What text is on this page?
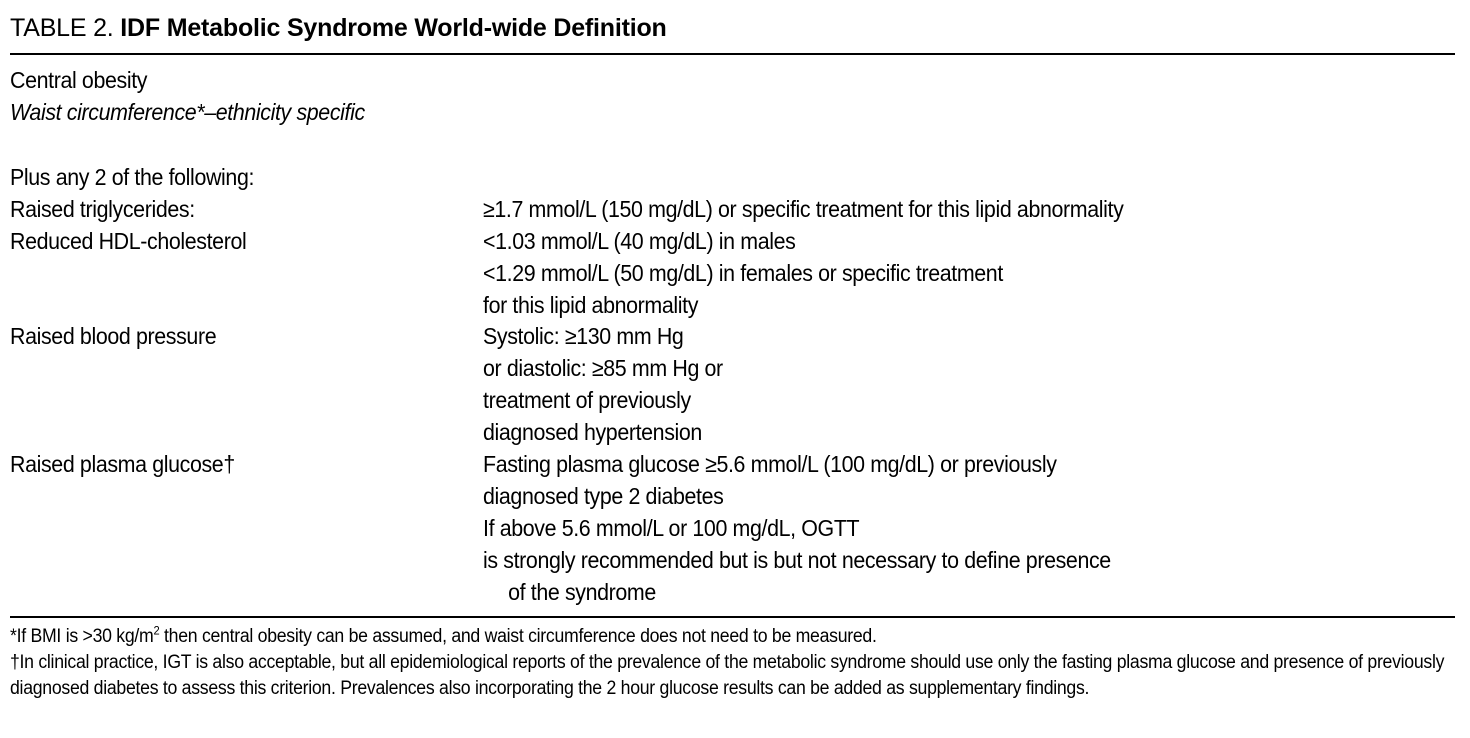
TABLE 2. IDF Metabolic Syndrome World-wide Definition
Central obesity
Waist circumference*–ethnicity specific
Plus any 2 of the following:
Raised triglycerides:	≥1.7 mmol/L (150 mg/dL) or specific treatment for this lipid abnormality
Reduced HDL-cholesterol	<1.03 mmol/L (40 mg/dL) in males
<1.29 mmol/L (50 mg/dL) in females or specific treatment
for this lipid abnormality
Raised blood pressure	Systolic: ≥130 mm Hg
or diastolic: ≥85 mm Hg or
treatment of previously
diagnosed hypertension
Raised plasma glucose†	Fasting plasma glucose ≥5.6 mmol/L (100 mg/dL) or previously
diagnosed type 2 diabetes
If above 5.6 mmol/L or 100 mg/dL, OGTT
is strongly recommended but is but not necessary to define presence
of the syndrome
*If BMI is >30 $kg/m^2$ then central obesity can be assumed, and waist circumference does not need to be measured.
†In clinical practice, IGT is also acceptable, but all epidemiological reports of the prevalence of the metabolic syndrome should use only the fasting plasma glucose and presence of previously diagnosed diabetes to assess this criterion. Prevalences also incorporating the 2 hour glucose results can be added as supplementary findings.
